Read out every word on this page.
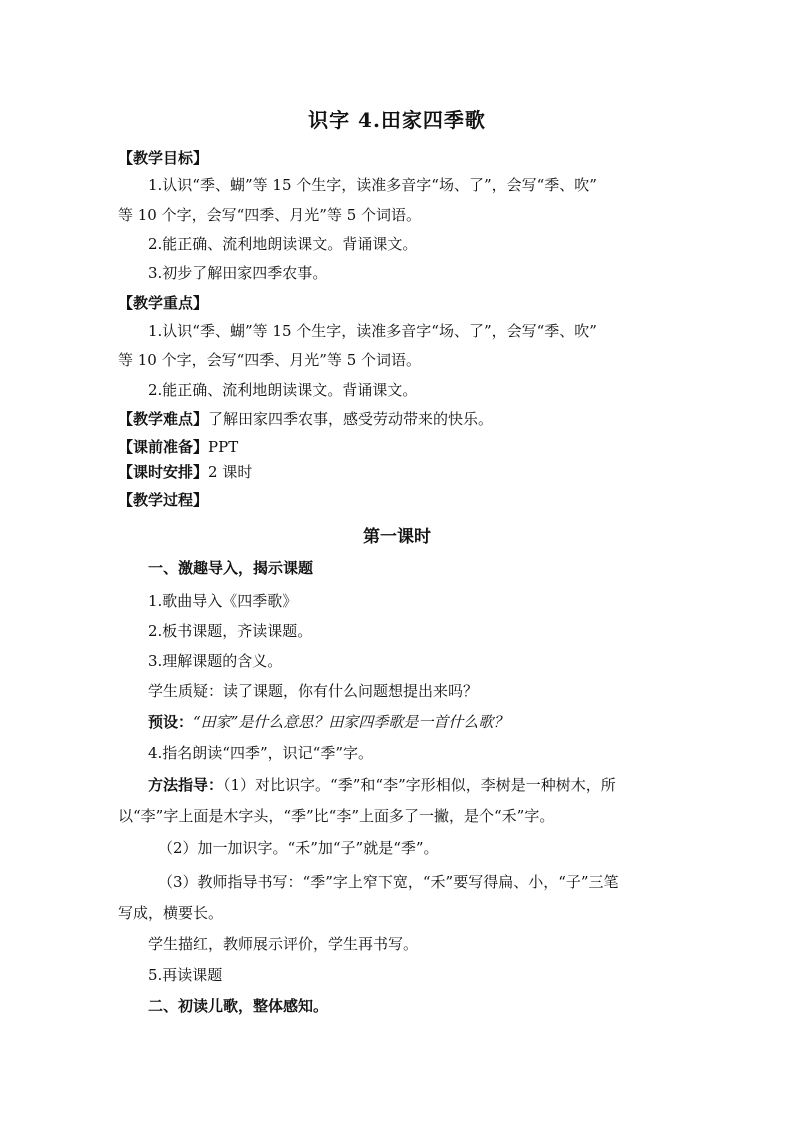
识字 4.田家四季歌
【教学目标】
1.认识“季、蝴”等 15 个生字，读准多音字“场、了”，会写“季、吹”
等 10 个字，会写“四季、月光”等 5 个词语。
2.能正确、流利地朗读课文。背诵课文。
3.初步了解田家四季农事。
【教学重点】
1.认识“季、蝴”等 15 个生字，读准多音字“场、了”，会写“季、吹”
等 10 个字，会写“四季、月光”等 5 个词语。
2.能正确、流利地朗读课文。背诵课文。
【教学难点】了解田家四季农事，感受劳动带来的快乐。
【课前准备】PPT
【课时安排】2 课时
【教学过程】
第一课时
一、激趣导入，揭示课题
1.歌曲导入《四季歌》
2.板书课题，齐读课题。
3.理解课题的含义。
学生质疑：读了课题，你有什么问题想提出来吗？
预设：“田家”是什么意思？田家四季歌是一首什么歌？
4.指名朗读“四季”，识记“季”字。
方法指导：（1）对比识字。“季”和“李”字形相似，李树是一种树木，所
以“李”字上面是木字头，“季”比“李”上面多了一撇，是个“禾”字。
（2）加一加识字。“禾”加“子”就是“季”。
（3）教师指导书写：“季”字上窄下宽，“禾”要写得扁、小，“子”三笔
写成，横要长。
学生描红，教师展示评价，学生再书写。
5.再读课题
二、初读儿歌，整体感知。
